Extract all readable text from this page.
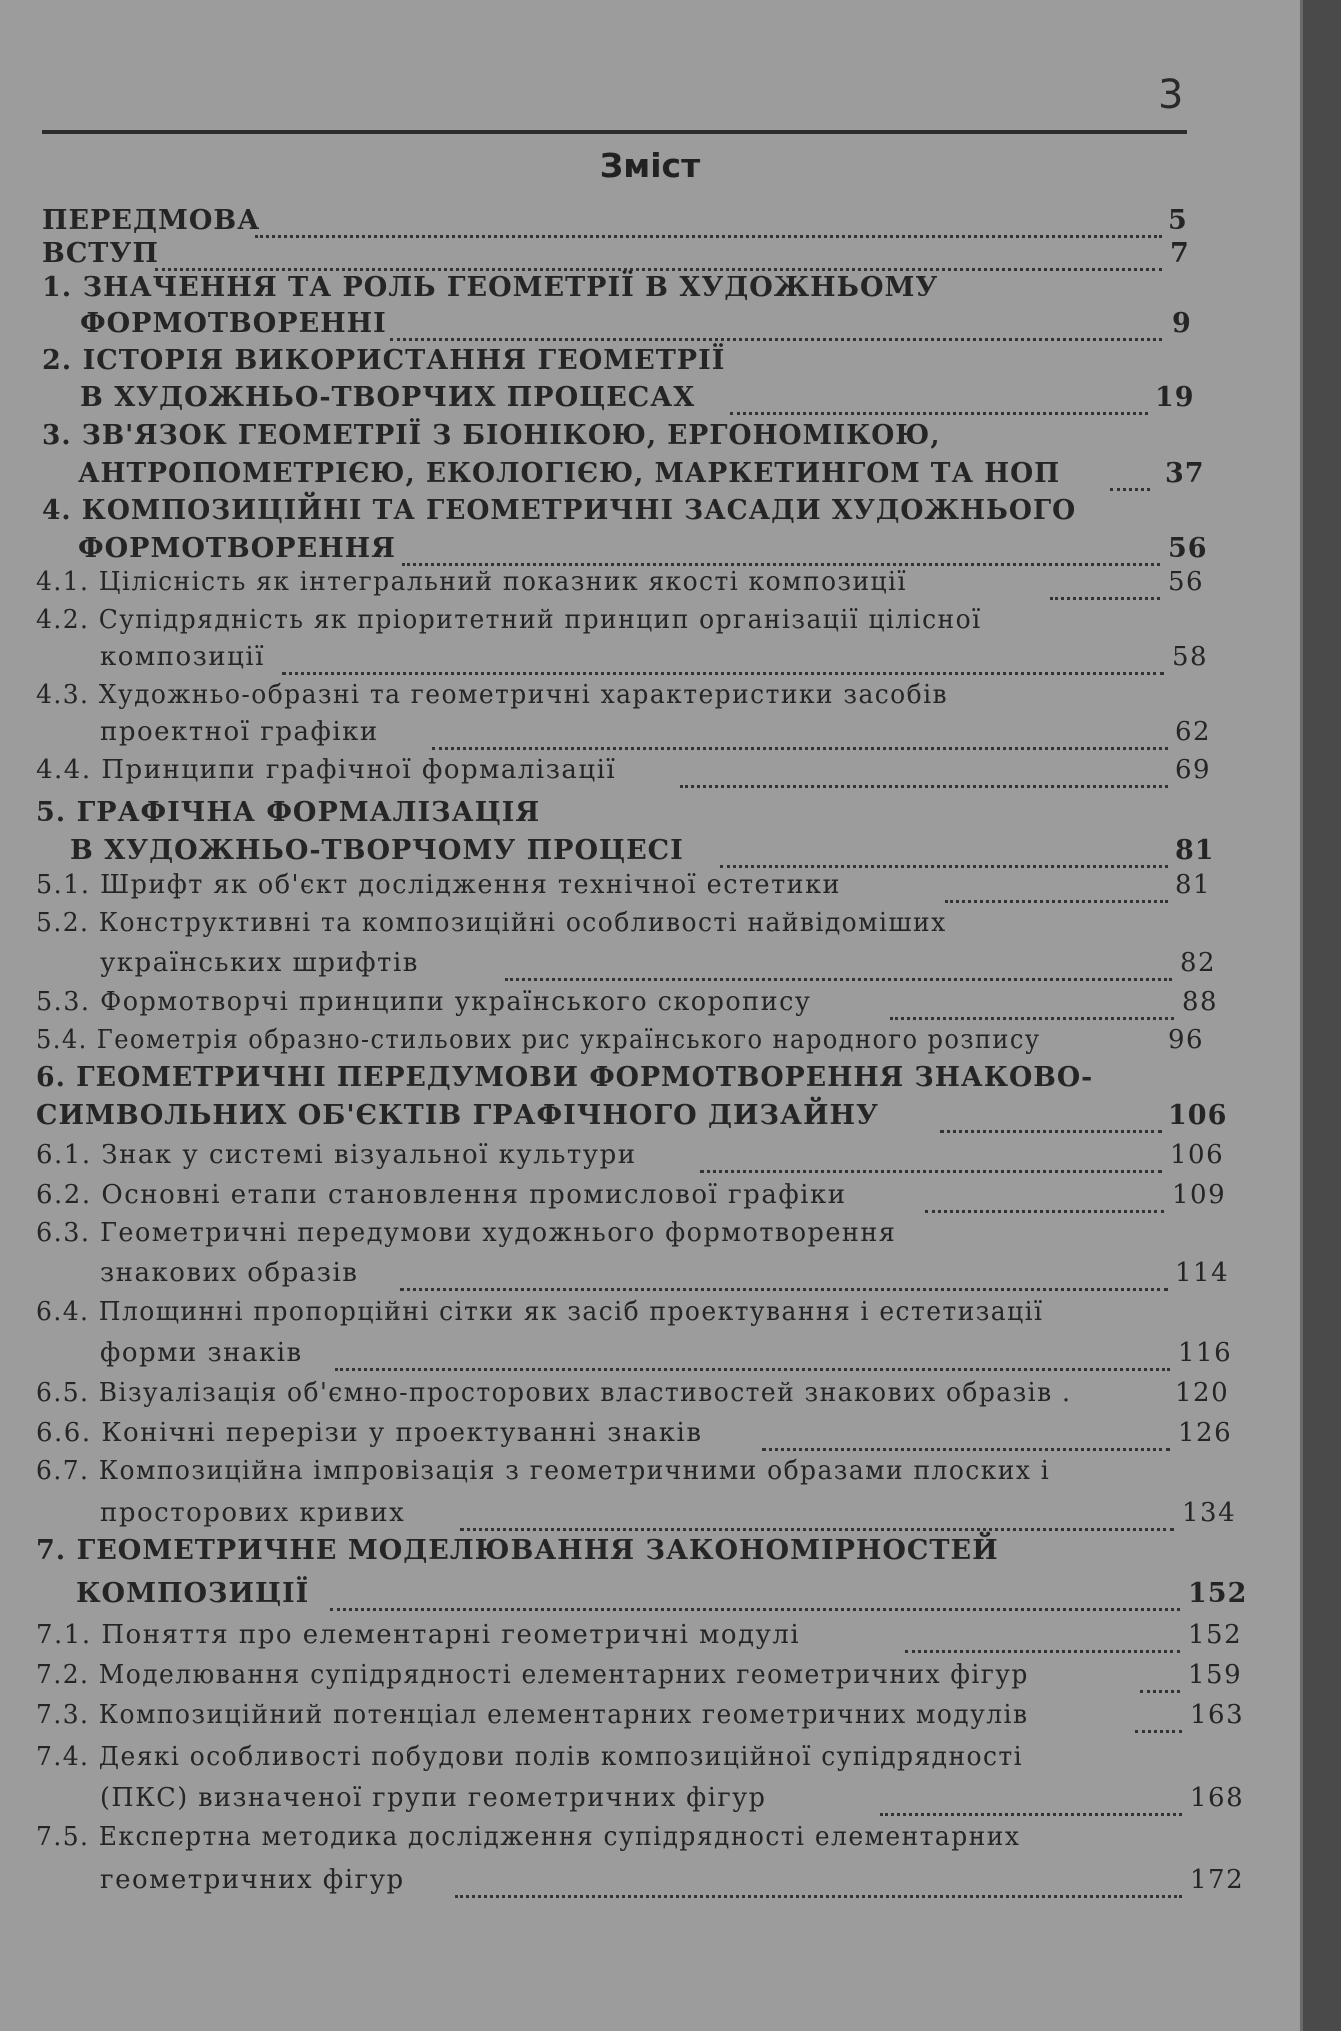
3
Зміст
ПЕРЕДМОВА	5
ВСТУП	7
1. ЗНАЧЕННЯ ТА РОЛЬ ГЕОМЕТРІЇ В ХУДОЖНЬОМУ
ФОРМОТВОРЕННІ	9
2. ІСТОРІЯ ВИКОРИСТАННЯ ГЕОМЕТРІЇ
В ХУДОЖНЬО-ТВОРЧИХ ПРОЦЕСАХ	19
3. ЗВ'ЯЗОК ГЕОМЕТРІЇ З БІОНІКОЮ, ЕРГОНОМІКОЮ,
АНТРОПОМЕТРІЄЮ, ЕКОЛОГІЄЮ, МАРКЕТИНГОМ ТА НОП	37
4. КОМПОЗИЦІЙНІ ТА ГЕОМЕТРИЧНІ ЗАСАДИ ХУДОЖНЬОГО
ФОРМОТВОРЕННЯ	56
4.1. Цілісність як інтегральний показник якості композиції	56
4.2. Супідрядність як пріоритетний принцип організації цілісної
композиції	58
4.3. Художньо-образні та геометричні характеристики засобів
проектної графіки	62
4.4. Принципи графічної формалізації	69
5. ГРАФІЧНА ФОРМАЛІЗАЦІЯ
В ХУДОЖНЬО-ТВОРЧОМУ ПРОЦЕСІ	81
5.1. Шрифт як об'єкт дослідження технічної естетики	81
5.2. Конструктивні та композиційні особливості найвідоміших
українських шрифтів	82
5.3. Формотворчі принципи українського скоропису	88
5.4. Геометрія образно-стильових рис українського народного розпису	96
6. ГЕОМЕТРИЧНІ ПЕРЕДУМОВИ ФОРМОТВОРЕННЯ ЗНАКОВО-
СИМВОЛЬНИХ ОБ'ЄКТІВ ГРАФІЧНОГО ДИЗАЙНУ	106
6.1. Знак у системі візуальної культури	106
6.2. Основні етапи становлення промислової графіки	109
6.3. Геометричні передумови художнього формотворення
знакових образів	114
6.4. Площинні пропорційні сітки як засіб проектування і естетизації
форми знаків	116
6.5. Візуалізація об'ємно-просторових властивостей знакових образів .	120
6.6. Конічні перерізи у проектуванні знаків	126
6.7. Композиційна імпровізація з геометричними образами плоских і
просторових кривих	134
7. ГЕОМЕТРИЧНЕ МОДЕЛЮВАННЯ ЗАКОНОМІРНОСТЕЙ
КОМПОЗИЦІЇ	152
7.1. Поняття про елементарні геометричні модулі	152
7.2. Моделювання супідрядності елементарних геометричних фігур	159
7.3. Композиційний потенціал елементарних геометричних модулів	163
7.4. Деякі особливості побудови полів композиційної супідрядності
(ПКС) визначеної групи геометричних фігур	168
7.5. Експертна методика дослідження супідрядності елементарних
геометричних фігур	172
